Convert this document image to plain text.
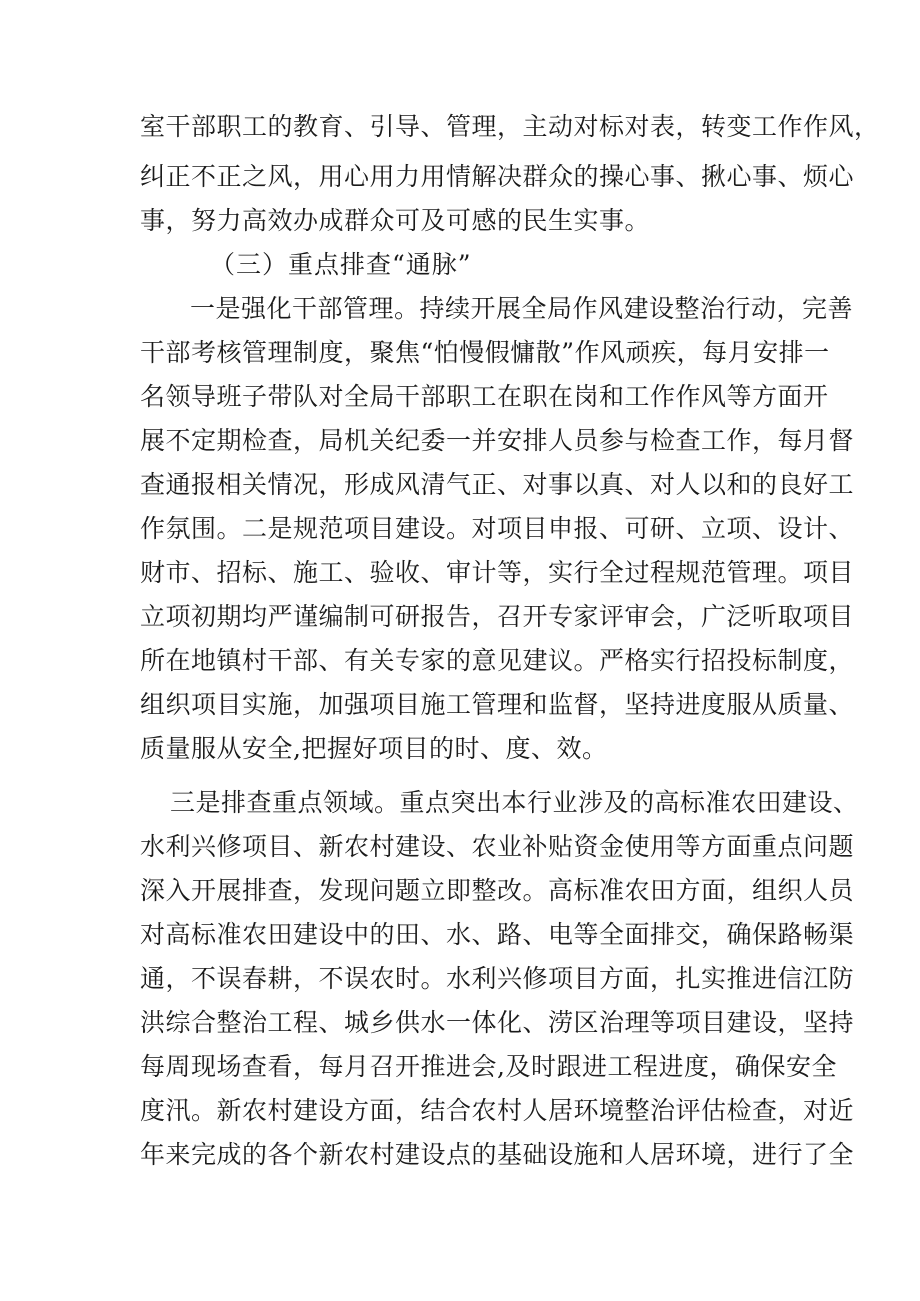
室干部职工的教育、引导、管理，主动对标对表，转变工作作风，
纠正不正之风，用心用力用情解决群众的操心事、揪心事、烦心
事，努力高效办成群众可及可感的民生实事。
（三）重点排查“通脉”
一是强化干部管理。持续开展全局作风建设整治行动，完善
干部考核管理制度，聚焦“怕慢假慵散”作风顽疾，每月安排一
名领导班子带队对全局干部职工在职在岗和工作作风等方面开
展不定期检查，局机关纪委一并安排人员参与检查工作，每月督
查通报相关情况，形成风清气正、对事以真、对人以和的良好工
作氛围。二是规范项目建设。对项目申报、可研、立项、设计、
财市、招标、施工、验收、审计等，实行全过程规范管理。项目
立项初期均严谨编制可研报告，召开专家评审会，广泛听取项目
所在地镇村干部、有关专家的意见建议。严格实行招投标制度，
组织项目实施，加强项目施工管理和监督，坚持进度服从质量、
质量服从安全,把握好项目的时、度、效。
三是排查重点领域。重点突出本行业涉及的高标准农田建设、
水利兴修项目、新农村建设、农业补贴资金使用等方面重点问题
深入开展排查，发现问题立即整改。高标准农田方面，组织人员
对高标准农田建设中的田、水、路、电等全面排交，确保路畅渠
通，不误春耕，不误农时。水利兴修项目方面，扎实推进信江防
洪综合整治工程、城乡供水一体化、涝区治理等项目建设，坚持
每周现场查看，每月召开推进会,及时跟进工程进度，确保安全
度汛。新农村建设方面，结合农村人居环境整治评估检查，对近
年来完成的各个新农村建设点的基础设施和人居环境，进行了全
